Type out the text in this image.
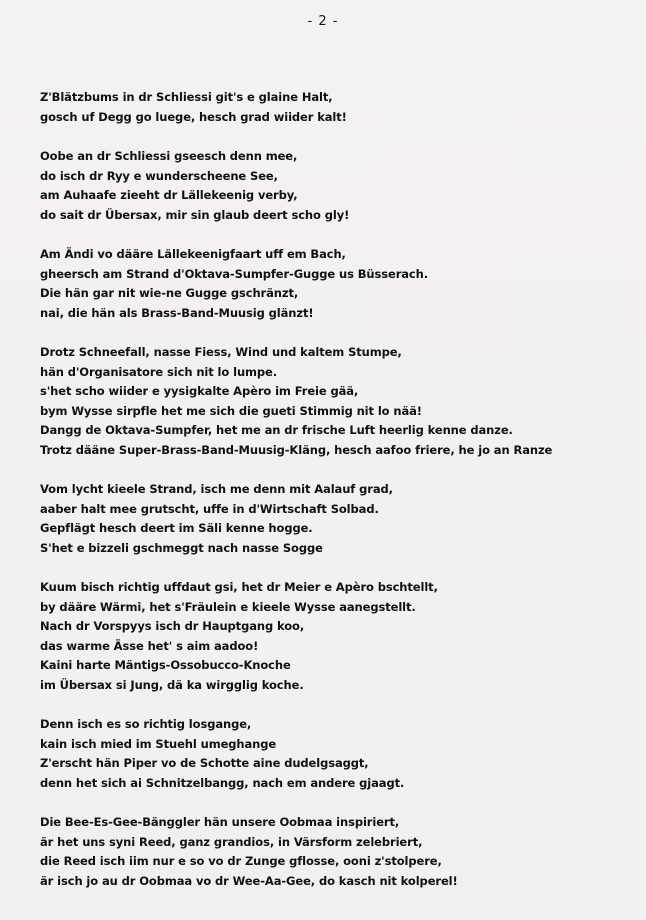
- 2 -
Z'Blätzbums in dr Schliessi git's e glaine Halt,
gosch uf Degg go luege, hesch grad wiider kalt!
Oobe an dr Schliessi gseesch denn mee,
do isch dr Ryy e wunderscheene See,
am Auhaafe zieeht dr Lällekeenig verby,
do sait dr Übersax, mir sin glaub deert scho gly!
Am Ändi vo dääre Lällekeenigfaart uff em Bach,
gheersch am Strand d'Oktava-Sumpfer-Gugge us Büsserach.
Die hän gar nit wie-ne Gugge gschränzt,
nai, die hän als Brass-Band-Muusig glänzt!
Drotz Schneefall, nasse Fiess, Wind und kaltem Stumpe,
hän d'Organisatore sich nit lo lumpe.
s'het scho wiider e yysigkalte Apèro im Freie gää,
bym Wysse sirpfle het me sich die gueti Stimmig nit lo nää!
Dangg de Oktava-Sumpfer, het me an dr frische Luft heerlig kenne danze.
Trotz dääne Super-Brass-Band-Muusig-Kläng, hesch aafoo friere, he jo an Ranze
Vom lycht kieele Strand, isch me denn mit Aalauf grad,
aaber halt mee grutscht, uffe in d'Wirtschaft Solbad.
Gepflägt hesch deert im Säli kenne hogge.
S'het e bizzeli gschmeggt nach nasse Sogge
Kuum bisch richtig uffdaut gsi, het dr Meier e Apèro bschtellt,
by dääre Wärmi, het s'Fräulein e kieele Wysse aanegstellt.
Nach dr Vorspyys isch dr Hauptgang koo,
das warme Ässe het' s aim aadoo!
Kaini harte Mäntigs-Ossobucco-Knoche
im Übersax si Jung, dä ka wirgglig koche.
Denn isch es so richtig losgange,
kain isch mied im Stuehl umeghange
Z'erscht hän Piper vo de Schotte aine dudelgsaggt,
denn het sich ai Schnitzelbangg, nach em andere gjaagt.
Die Bee-Es-Gee-Bänggler hän unsere Oobmaa inspiriert,
är het uns syni Reed, ganz grandios, in Värsform zelebriert,
die Reed isch iim nur e so vo dr Zunge gflosse, ooni z'stolpere,
är isch jo au dr Oobmaa vo dr Wee-Aa-Gee, do kasch nit kolperel!
